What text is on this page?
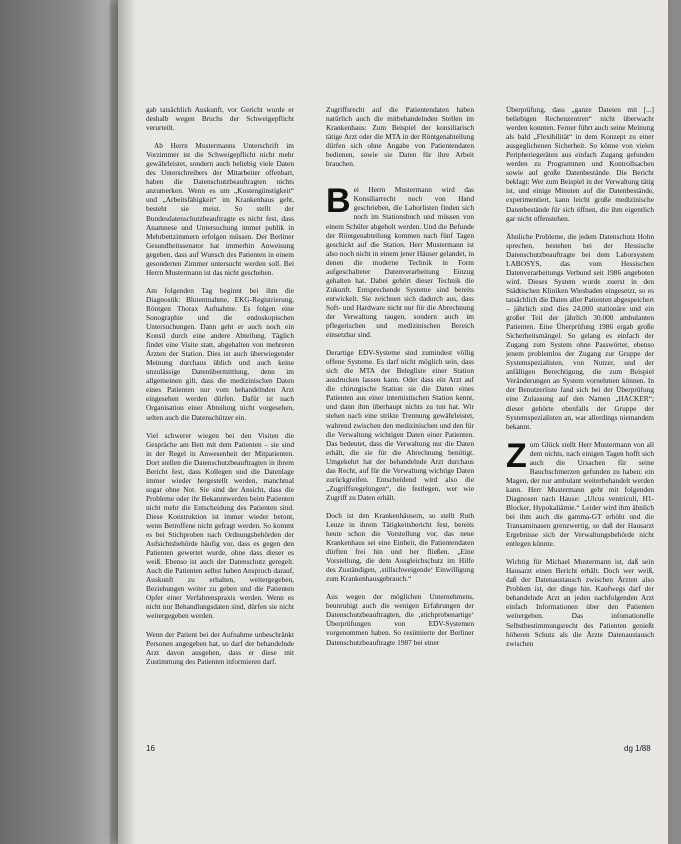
gab tatsächlich Auskunft, vor Gericht wurde er deshalb wegen Bruchs der Schweigepflicht verurteilt.

Ab Herrn Mustermanns Unterschrift im Vorzimmer ist die Schweigepflicht nicht mehr gewährleistet, sondern auch beliebig viele Daten des Unterschreibers der Mitarbeiter offenbart, haben die Datenschutzbeauftragten nichts anzumerken. Wenn es um „Kostengünstigkeit“ und „Arbeitsfähigkeit“ im Krankenhaus geht, besteht sie meist. So stellt der Bundesdatenschutzbeauftragte es nicht fest, dass Anamnese und Untersuchung immer publik in Mehrbettzimmern erfolgen müssen. Der Berliner Gesundheitssenator hat immerhin Anweisung gegeben, dass auf Wunsch des Patienten in einem gesonderten Zimmer untersucht werden soll. Bei Herrn Mustermann ist das nicht geschehen.

Am folgenden Tag beginnt bei ihm die Diagnostik: Blutentnahme, EKG-Registrierung, Röntgen Thorax Aufnahme. Es folgen eine Sonographie und die endoskopischen Untersuchungen. Dann geht er auch noch ein Konsil durch eine andere Abteilung. Täglich findet eine Visite statt, abgehalten von mehreren Ärzten der Station. Dies ist auch überwiegender Meinung durchaus üblich und auch keine unzulässige Datenübermittlung, denn im allgemeinen gilt, dass die medizinischen Daten eines Patienten nur vom behandelnden Arzt eingesehen werden dürfen. Dafür ist nach Organisation einer Abteilung nicht vorgesehen, selten auch die Datenschützer ein.

Viel schwerer wiegen bei den Visiten die Gespräche am Bett mit dem Patienten – sie sind in der Regel in Anwesenheit der Mitpatienten. Dort stellen die Datenschutzbeauftragten in ihrem Bericht fest, dass Kollegen und die Datenlage immer wieder hergestellt werden, manchmal sogar ohne Not. Sie sind der Ansicht, dass die Probleme oder ihr Bekanntwerden beim Patienten nicht mehr die Entscheidung des Patienten sind. Diese Konstruktion ist immer wieder betont, wenn Betroffene nicht gefragt werden. So kommt es bei Stichproben nach Ordnungsbehörden der Aufsichtsbehörde häufig vor, dass es gegen den Patienten gewertet wurde, ohne dass dieser es weiß. Ebenso ist auch der Datenschutz geregelt. Auch die Patienten selbst haben Anspruch darauf, Auskunft zu erhalten, weitergegeben, Beziehungen weiter zu geben und die Patienten Opfer einer Verfahrenspraxis werden. Wenn es nicht nur Behandlungsdaten sind, dürfen sie nicht weitergegeben werden.

Wenn der Patient bei der Aufnahme unbeschränkt Personen angegeben hat, so darf der behandelnde Arzt davon ausgehen, dass er diese mit Zustimmung des Patienten informieren darf.

Zugriffsrecht auf die Patientendaten haben natürlich auch die mitbehandelnden Stellen im Krankenhaus: Zum Beispiel der konsiliarisch tätige Arzt oder die MTA in der Röntgenabteilung dürfen sich ohne Angabe von Patientendaten bedienen, sowie sie Daten für ihre Arbeit brauchen.

Bei Herrn Mustermann wird das Konsiliarrecht noch von Hand geschrieben, die Laborlisten finden sich noch im Stationsbuch und müssen von einem Schüler abgeholt werden. Und die Befunde der Röntgenabteilung kommen nach fünf Tagen geschickt auf die Station. Herr Mustermann ist also noch nicht in einem jener Häuser gelandet, in denen die moderne Technik in Form aufgeschalteter Datenverarbeitung Einzug gehalten hat. Dabei gehört dieser Technik die Zukunft. Entsprechende Systeme sind bereits entwickelt. Sie zeichnen sich dadurch aus, dass Soft- und Hardware nicht nur für die Abrechnung der Verwaltung taugen, sondern auch im pflegerischen und medizinischen Bereich einsetzbar sind.

Derartige EDV-Systeme sind zumindest völlig offene Systeme. Es darf nicht möglich sein, dass sich die MTA der Belegliste einer Station ausdrucken lassen kann. Oder dass ein Arzt auf die chirurgische Station sie die Daten eines Patienten aus einer internistischen Station kennt, und dann ihm überhaupt nichts zu tun hat. Wir stehen nach eine strikte Trennung gewährleistet, wahrend zwischen den medizinischen und den für die Verwaltung wichtigen Daten einer Patienten. Das bedeutet, dass die Verwaltung nur die Daten erhält, die sie für die Abrechnung benötigt. Umgekehrt hat der behandelnde Arzt durchaus das Recht, auf für die Verwaltung wichtige Daten zurückgreifen. Entscheidend wird also die „Zugriffsregelungen“, die festlegen, wer wie Zugriff zu Daten erhält.

Doch ist den Krankenhäusern, so stellt Ruth Leuze in ihrem Tätigkeitsbericht fest, bereits heute schon die Vorstellung vor, das neue Krankenhaus sei eine Einheit, die Patientendaten dürften frei hin und her fließen. „Eine Vorstellung, die dem Ausgleichschutz im Hilfe des Zuständigen, ‚stillschweigende‘ Einwilligung zum Krankenhausgebrauch.“

Aus wegen der möglichen Unternehmens, beunruhigt auch die wenigen Erfahrungen der Datenschutzbeauftragten, die ‚stichprobenartige‘ Überprüfungen von EDV-Systemen vorgenommen haben. So resümierte der Berliner Datenschutzbeauftragte 1987 bei einer

Überprüfung, dass „ganze Dateien mit [...] beliebigen Rechenzentren“ nicht überwacht werden konnten. Ferner führt auch seine Meinung als bald „Flexibilität“ in dem Konzept zu einer ausgeglichenen Sicherheit. So könne von vielen Peripheriegeräten aus einfach Zugang gefunden werden zu Programmen und Kontrollsachen sowie auf große Datenbestände. Die Bericht beklagt: Wer zum Beispiel in der Verwaltung tätig ist, und einige Minuten auf die Datenbestände, experimentiert, kann leicht große medizinische Datenbestände für sich öffnen, die ihm eigentlich gar nicht offenstehen.

Ähnliche Probleme, die jedem Datenschutz Hohn sprechen, bestehen bei der Hessische Datenschutzbeauftragte bei dem Laborsystem LABOSYS, das vom Hessischen Datenverarbeitungs Verbund seit 1986 angeboten wird. Dieses System wurde zuerst in den Städtischen Kliniken Wiesbaden eingesetzt, so es tatsächlich die Daten aller Patienten abgespeichert – jährlich sind dies 24.000 stationäre und ein großer Teil der jährlich 30.000 ambulanten Patienten. Eine Überprüfung 1986 ergab große Sicherheitsmängel. So gelang es einfach der Zugang zum System ohne Passwörter, ebenso jenem problemlos der Zugang zur Gruppe der Systemspezialisten, von Nutzer, und der anfälligen Berechtigung, die zum Beispiel Veränderungen an System vornehmen können. In der Benutzerliste fand sich bei der Überprüfung eine Zulassung auf den Namen „HACKER“; dieser gehörte ebenfalls der Gruppe der Systemspezialisten an, war allerdings niemandem bekannt.

Zum Glück stellt Herr Mustermann von all dem nichts, nach einigen Tagen hofft sich auch die Ursachen für seine Bauchschmerzen gefunden zu haben: ein Magen, der nur ambulant weiterbehandelt werden kann. Herr Mustermann geht mit folgenden Diagnosen nach Hause: „Ulcus ventriculi, H1-Blocker, Hypokaliämie.“ Leider wird ihm ähnlich bei ihm auch die gamma-GT erhöht und die Transaminasen grenzwertig, so daß der Hausarzt Ergebnisse sich der Verwaltungsbehörde nicht entlegen könnte.

Wichtig für Michael Mustermann ist, daß sein Hausarzt einen Bericht erhält. Doch wer weiß, daß der Datenaustausch zwischen Ärzten also Problem ist, der dinge hin. Kaufwegs darf der behandelnde Arzt an jeden nachfolgenden Arzt einfach Informationen über den Patienten weitergeben. Das infomationelle Selbstbestimmungsrecht des Patienten genießt höheren Schutz als die Ärzte Datenaustausch zwischen

16	dg 1/88
